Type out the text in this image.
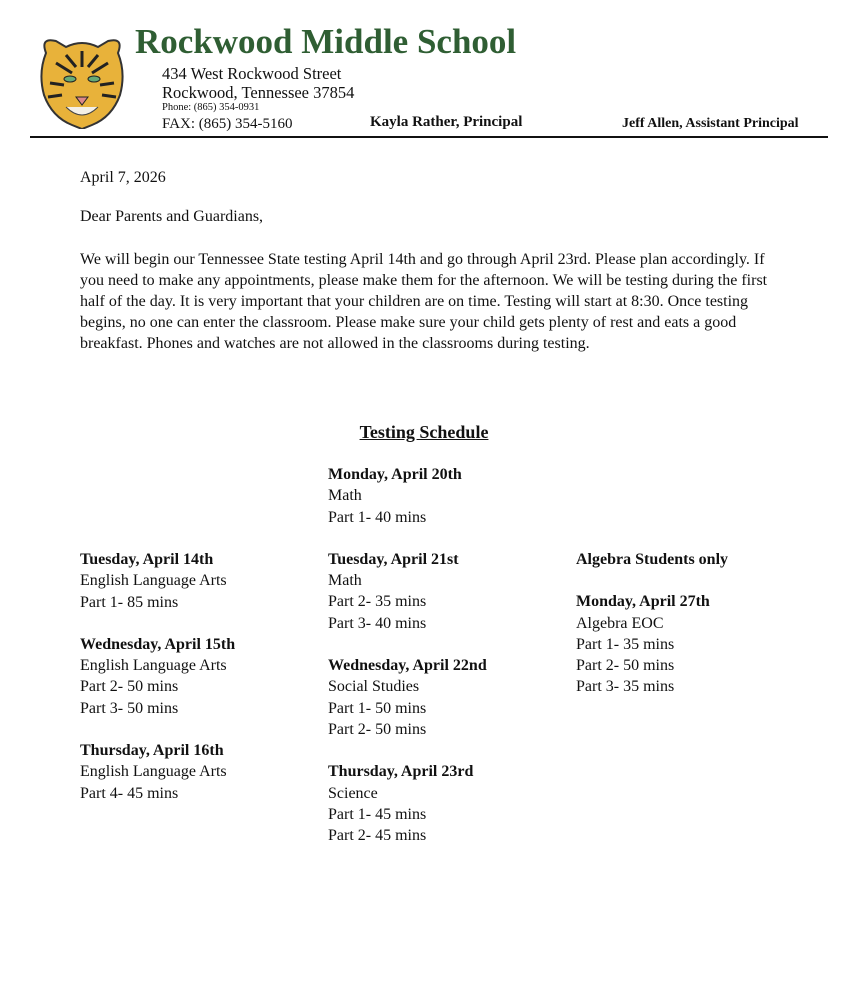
Rockwood Middle School
434 West Rockwood Street
Rockwood, Tennessee 37854
Phone: (865) 354-0931
FAX: (865) 354-5160	Kayla Rather, Principal	Jeff Allen, Assistant Principal
April 7, 2026
Dear Parents and Guardians,
We will begin our Tennessee State testing April 14th and go through April 23rd. Please plan accordingly. If you need to make any appointments, please make them for the afternoon. We will be testing during the first half of the day. It is very important that your children are on time. Testing will start at 8:30. Once testing begins, no one can enter the classroom. Please make sure your child gets plenty of rest and eats a good breakfast. Phones and watches are not allowed in the classrooms during testing.
Testing Schedule
Tuesday, April 14th
English Language Arts
Part 1- 85 mins
Wednesday, April 15th
English Language Arts
Part 2- 50 mins
Part 3- 50 mins
Thursday, April 16th
English Language Arts
Part 4- 45 mins
Monday, April 20th
Math
Part 1- 40 mins
Tuesday, April 21st
Math
Part 2- 35 mins
Part 3- 40 mins
Wednesday, April 22nd
Social Studies
Part 1- 50 mins
Part 2- 50 mins
Thursday, April 23rd
Science
Part 1- 45 mins
Part 2- 45 mins
Algebra Students only
Monday, April 27th
Algebra EOC
Part 1- 35 mins
Part 2- 50 mins
Part 3- 35 mins
